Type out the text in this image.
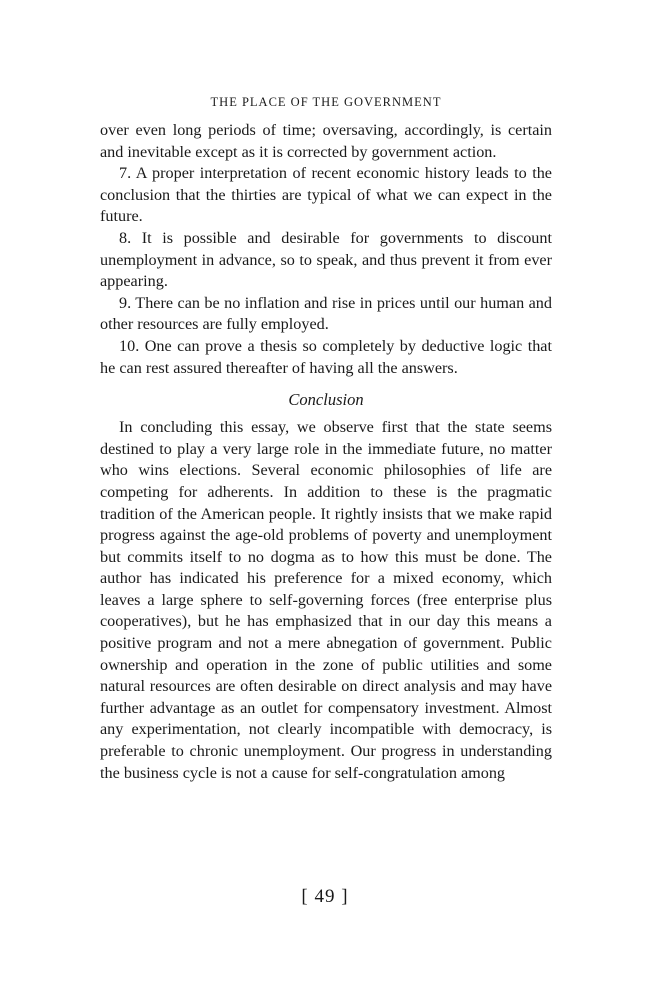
THE PLACE OF THE GOVERNMENT

over even long periods of time; oversaving, accordingly, is certain and inevitable except as it is corrected by government action.

7. A proper interpretation of recent economic history leads to the conclusion that the thirties are typical of what we can expect in the future.

8. It is possible and desirable for governments to discount unemployment in advance, so to speak, and thus prevent it from ever appearing.

9. There can be no inflation and rise in prices until our human and other resources are fully employed.

10. One can prove a thesis so completely by deductive logic that he can rest assured thereafter of having all the answers.

Conclusion

In concluding this essay, we observe first that the state seems destined to play a very large role in the immediate future, no matter who wins elections. Several economic philosophies of life are competing for adherents. In addition to these is the pragmatic tradition of the American people. It rightly insists that we make rapid progress against the age-old problems of poverty and unemployment but commits itself to no dogma as to how this must be done. The author has indicated his preference for a mixed economy, which leaves a large sphere to self-governing forces (free enterprise plus cooperatives), but he has emphasized that in our day this means a positive program and not a mere abnegation of government. Public ownership and operation in the zone of public utilities and some natural resources are often desirable on direct analysis and may have further advantage as an outlet for compensatory investment. Almost any experimentation, not clearly incompatible with democracy, is preferable to chronic unemployment. Our progress in understanding the business cycle is not a cause for self-congratulation among

[ 49 ]
